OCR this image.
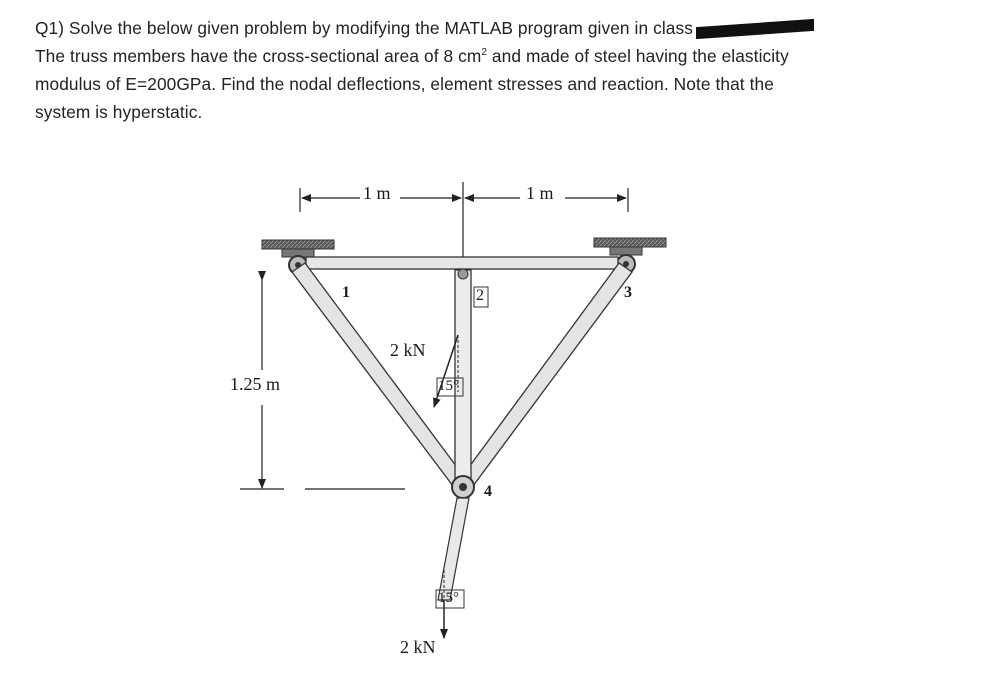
Q1) Solve the below given problem by modifying the MATLAB program given in class

The truss members have the cross-sectional area of 8 $cm^2$ and made of steel having the elasticity

modulus of E=200GPa. Find the nodal deflections, element stresses and reaction. Note that the

system is hyperstatic.

1 m	1 m
1.25 m
1	2	3
4
2 kN
15°
15°
2 kN
